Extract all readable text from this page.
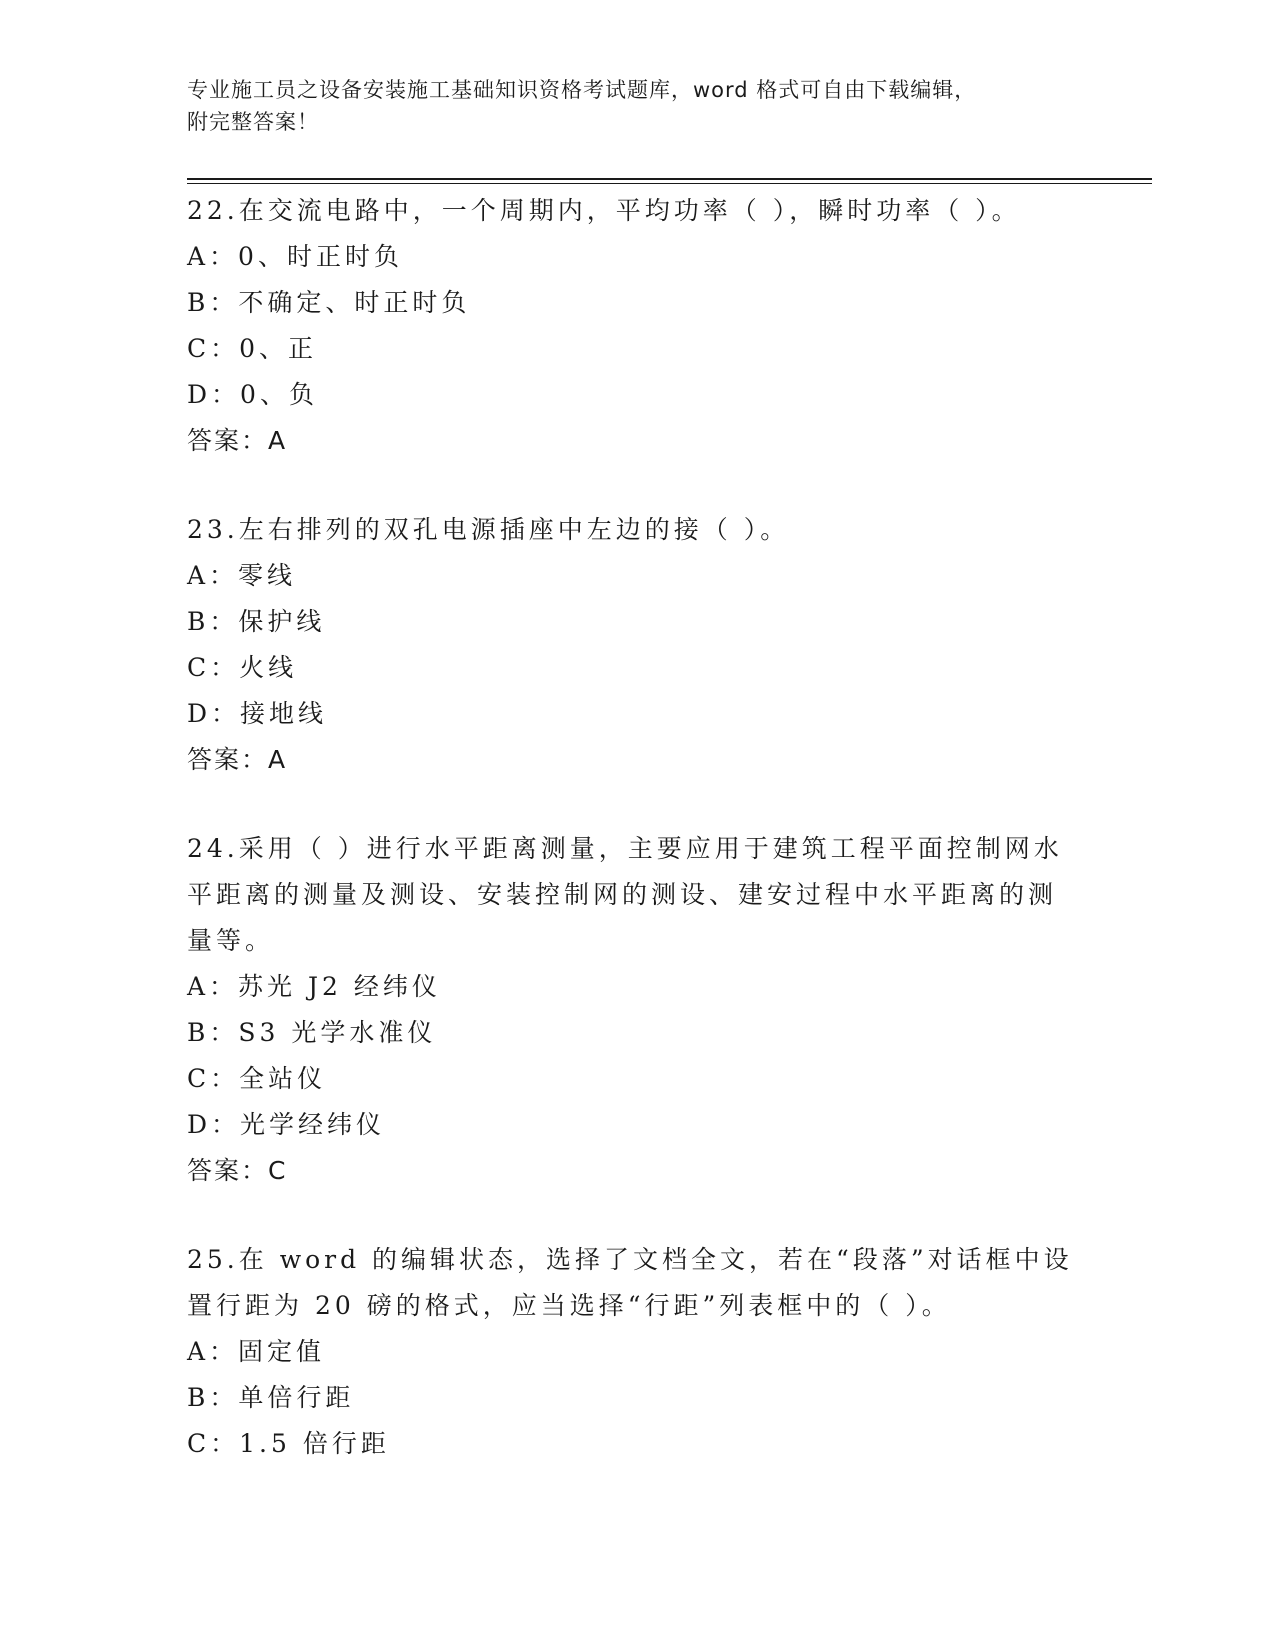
专业施工员之设备安装施工基础知识资格考试题库，word 格式可自由下载编辑，
附完整答案！
22.在交流电路中，一个周期内，平均功率（ ），瞬时功率（ ）。
A：0、时正时负
B：不确定、时正时负
C：0、正
D：0、负
答案：A
23.左右排列的双孔电源插座中左边的接（ ）。
A：零线
B：保护线
C：火线
D：接地线
答案：A
24.采用（ ）进行水平距离测量，主要应用于建筑工程平面控制网水
平距离的测量及测设、安装控制网的测设、建安过程中水平距离的测
量等。
A：苏光 J2 经纬仪
B：S3 光学水准仪
C：全站仪
D：光学经纬仪
答案：C
25.在 word 的编辑状态，选择了文档全文，若在“段落”对话框中设
置行距为 20 磅的格式，应当选择“行距”列表框中的（ ）。
A：固定值
B：单倍行距
C：1.5 倍行距
